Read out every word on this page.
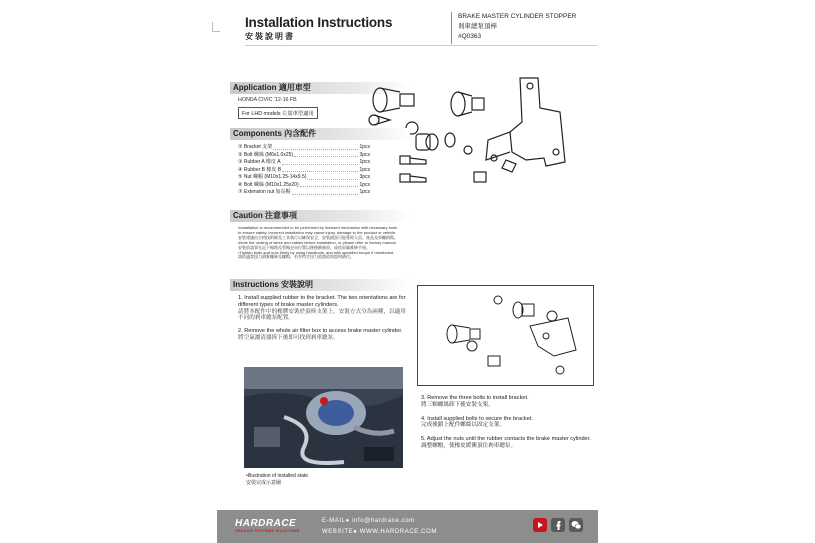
Installation Instructions
安裝說明書
BRAKE MASTER CYLINDER STOPPER
剎車總泵頂棒
#Q0363
Application 適用車型
HONDA CIVIC '12-16 FB
For LHD models 左駕車型適用
Components 內含配件
① Bracket 支架	1pcs
② Bolt 螺絲 (M6x1.0x25)	3pcs
③ Rubber A 橡皮 A	1pcs
④ Rubber B 橡皮 B	1pcs
⑤ Nut 螺帽 (M10x1.25-14x9.5)	3pcs
⑥ Bolt 螺絲 (M10x1.25x20)	1pcs
⑦ Extension nut 加長帽	1pcs
Caution 注意事項

•Installation is recommended to be performed by licensed mechanics with necessary tools

to ensure safety. Incorrect installation may cause injury, damage to the product or vehicle.

安裝建議由合格技術師及工具執行以確保安全，安裝錯誤可能導致人員、產品及車輛損傷。

•Note the routing of wires and cables before installation, or please refer to factory manual.

安裝前請事先記下線路及管線走向位置以便後續複原，或依原廠維修手冊。

•Tighten bolts and nuts firmly by using handtools, and with specified torque if mentioned.

請依適當扭力鎖緊螺絲及螺帽，若有特定扭力值請依照說明鎖付。

Instructions 安裝說明
1. Install supplied rubber to the bracket. The two orientations are for different types of brake master cylinders.
請將本配件中的橡膠安裝於頂棒支架上，安裝方式分為兩種，以適用不同的剎車總泵配置。
2. Remove the whole air filter box to access brake master cylinder.
將空氣濾清器拆下後即可找到剎車總泵。
•Illustration of installed state
安裝完成示意圖
3. Remove the three bolts to install bracket.
將三顆螺絲卸下後安裝支架。
4. Install supplied bolts to secure the bracket.
完成後鎖上配件螺絲以固定支架。
5. Adjust the nuts until the rubber contacts the brake master cylinder.
調整螺帽，使橡皮緩衝頂住剎車總泵。
HARDRACE
CHASSIS SYSTEMS SOLUTIONS
E-MAIL● info@hardrace.com
WEBSITE● WWW.HARDRACE.COM
